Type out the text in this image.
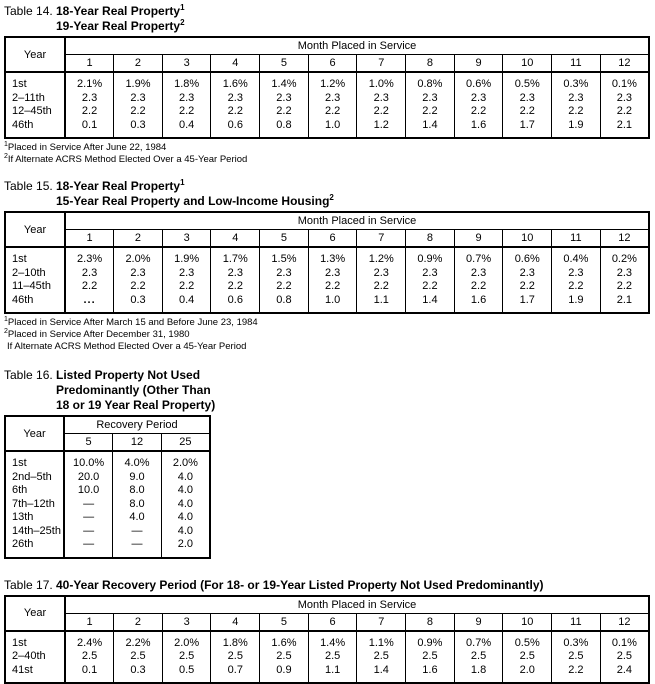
Table 14. 18-Year Real Property$^1$
19-Year Real Property$^2$
Year	Month Placed in Service											
	1	2	3	4	5	6	7	8	9	10	11	12
1st	2.1%	1.9%	1.8%	1.6%	1.4%	1.2%	1.0%	0.8%	0.6%	0.5%	0.3%	0.1%
2–11th	2.3	2.3	2.3	2.3	2.3	2.3	2.3	2.3	2.3	2.3	2.3	2.3
12–45th	2.2	2.2	2.2	2.2	2.2	2.2	2.2	2.2	2.2	2.2	2.2	2.2
46th	0.1	0.3	0.4	0.6	0.8	1.0	1.2	1.4	1.6	1.7	1.9	2.1
$^1$Placed in Service After June 22, 1984
$^2$If Alternate ACRS Method Elected Over a 45-Year Period
Table 15. 18-Year Real Property$^1$
15-Year Real Property and Low-Income Housing$^2$
Year	Month Placed in Service											
	1	2	3	4	5	6	7	8	9	10	11	12
1st	2.3%	2.0%	1.9%	1.7%	1.5%	1.3%	1.2%	0.9%	0.7%	0.6%	0.4%	0.2%
2–10th	2.3	2.3	2.3	2.3	2.3	2.3	2.3	2.3	2.3	2.3	2.3	2.3
11–45th	2.2	2.2	2.2	2.2	2.2	2.2	2.2	2.2	2.2	2.2	2.2	2.2
46th	...	0.3	0.4	0.6	0.8	1.0	1.1	1.4	1.6	1.7	1.9	2.1
$^1$Placed in Service After March 15 and Before June 23, 1984
$^2$Placed in Service After December 31, 1980
If Alternate ACRS Method Elected Over a 45-Year Period
Table 16. Listed Property Not Used
Predominantly (Other Than
18 or 19 Year Real Property)
Year	Recovery Period		
	5	12	25
1st	10.0%	4.0%	2.0%
2nd–5th	20.0	9.0	4.0
6th	10.0	8.0	4.0
7th–12th	—	8.0	4.0
13th	—	4.0	4.0
14th–25th	—	—	4.0
26th	—	—	2.0
Table 17. 40-Year Recovery Period (For 18- or 19-Year Listed Property Not Used Predominantly)
Year	Month Placed in Service											
	1	2	3	4	5	6	7	8	9	10	11	12
1st	2.4%	2.2%	2.0%	1.8%	1.6%	1.4%	1.1%	0.9%	0.7%	0.5%	0.3%	0.1%
2–40th	2.5	2.5	2.5	2.5	2.5	2.5	2.5	2.5	2.5	2.5	2.5	2.5
41st	0.1	0.3	0.5	0.7	0.9	1.1	1.4	1.6	1.8	2.0	2.2	2.4
